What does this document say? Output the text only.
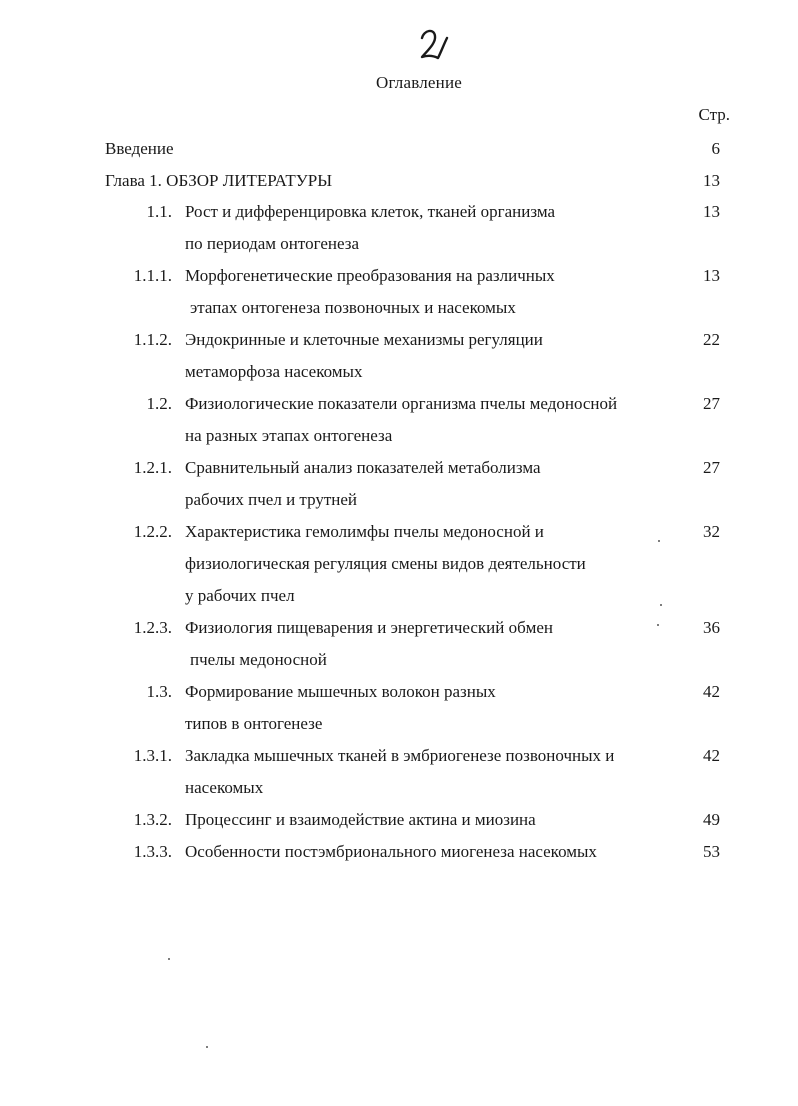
Оглавление
Стр.
Введение	6
Глава 1. ОБЗОР ЛИТЕРАТУРЫ	13
1.1. Рост и дифференцировка клеток, тканей организма	13
по периодам онтогенеза
1.1.1. Морфогенетические преобразования на различных	13
этапах онтогенеза позвоночных и насекомых
1.1.2. Эндокринные и клеточные механизмы регуляции	22
метаморфоза насекомых
1.2. Физиологические показатели организма пчелы медоносной	27
на разных этапах онтогенеза
1.2.1. Сравнительный анализ показателей метаболизма	27
рабочих пчел и трутней
1.2.2. Характеристика гемолимфы пчелы медоносной и	32
физиологическая регуляция смены видов деятельности
у рабочих пчел
1.2.3. Физиология пищеварения и энергетический обмен	36
пчелы медоносной
1.3. Формирование мышечных волокон разных	42
типов в онтогенезе
1.3.1. Закладка мышечных тканей в эмбриогенезе позвоночных и	42
насекомых
1.3.2. Процессинг и взаимодействие актина и миозина	49
1.3.3. Особенности постэмбрионального миогенеза насекомых	53
